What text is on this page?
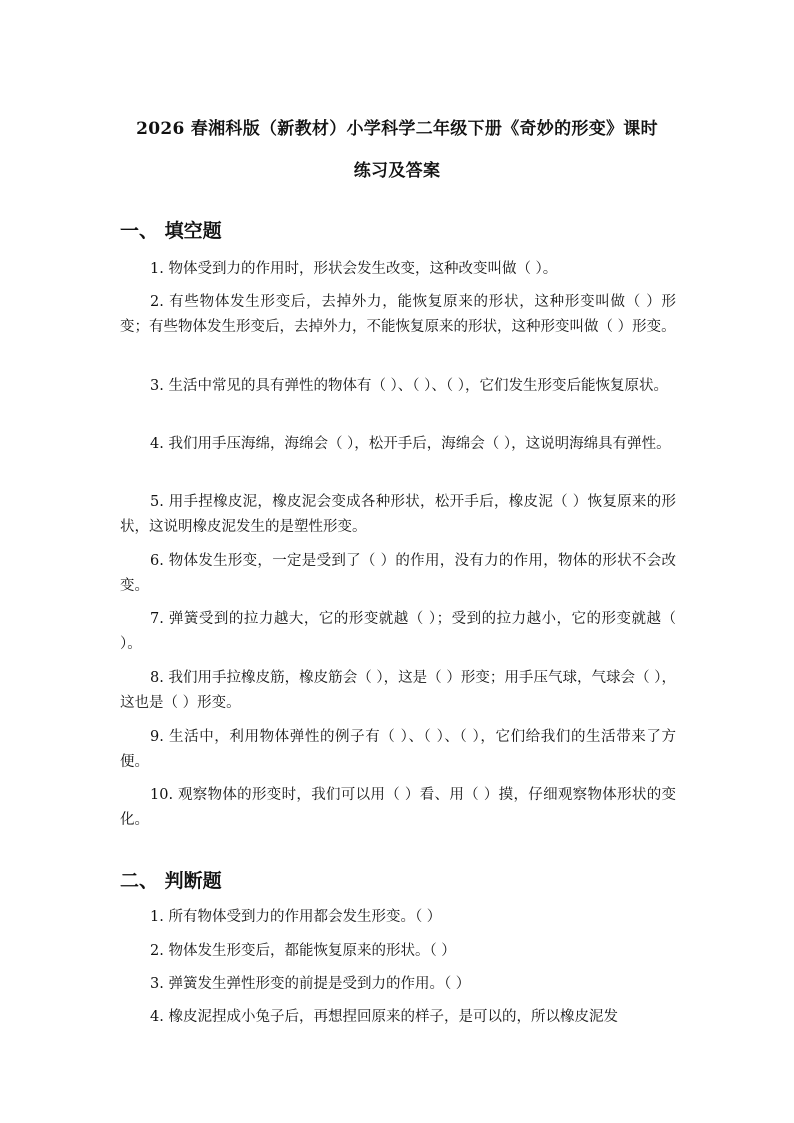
2026 春湘科版（新教材）小学科学二年级下册《奇妙的形变》课时
练习及答案
一、 填空题
1. 物体受到力的作用时，形状会发生改变，这种改变叫做（ ）。
2. 有些物体发生形变后，去掉外力，能恢复原来的形状，这种形变叫做（ ）形变；有些物体发生形变后，去掉外力，不能恢复原来的形状，这种形变叫做（ ）形变。
3. 生活中常见的具有弹性的物体有（ ）、（ ）、（ ），它们发生形变后能恢复原状。
4. 我们用手压海绵，海绵会（ ），松开手后，海绵会（ ），这说明海绵具有弹性。
5. 用手捏橡皮泥，橡皮泥会变成各种形状，松开手后，橡皮泥（ ）恢复原来的形状，这说明橡皮泥发生的是塑性形变。
6. 物体发生形变，一定是受到了（ ）的作用，没有力的作用，物体的形状不会改变。
7. 弹簧受到的拉力越大，它的形变就越（ ）；受到的拉力越小，它的形变就越（ ）。
8. 我们用手拉橡皮筋，橡皮筋会（ ），这是（ ）形变；用手压气球，气球会（ ），这也是（ ）形变。
9. 生活中，利用物体弹性的例子有（ ）、（ ）、（ ），它们给我们的生活带来了方便。
10. 观察物体的形变时，我们可以用（ ）看、用（ ）摸，仔细观察物体形状的变化。
二、 判断题
1. 所有物体受到力的作用都会发生形变。（ ）
2. 物体发生形变后，都能恢复原来的形状。（ ）
3. 弹簧发生弹性形变的前提是受到力的作用。（ ）
4. 橡皮泥捏成小兔子后，再想捏回原来的样子，是可以的，所以橡皮泥发
